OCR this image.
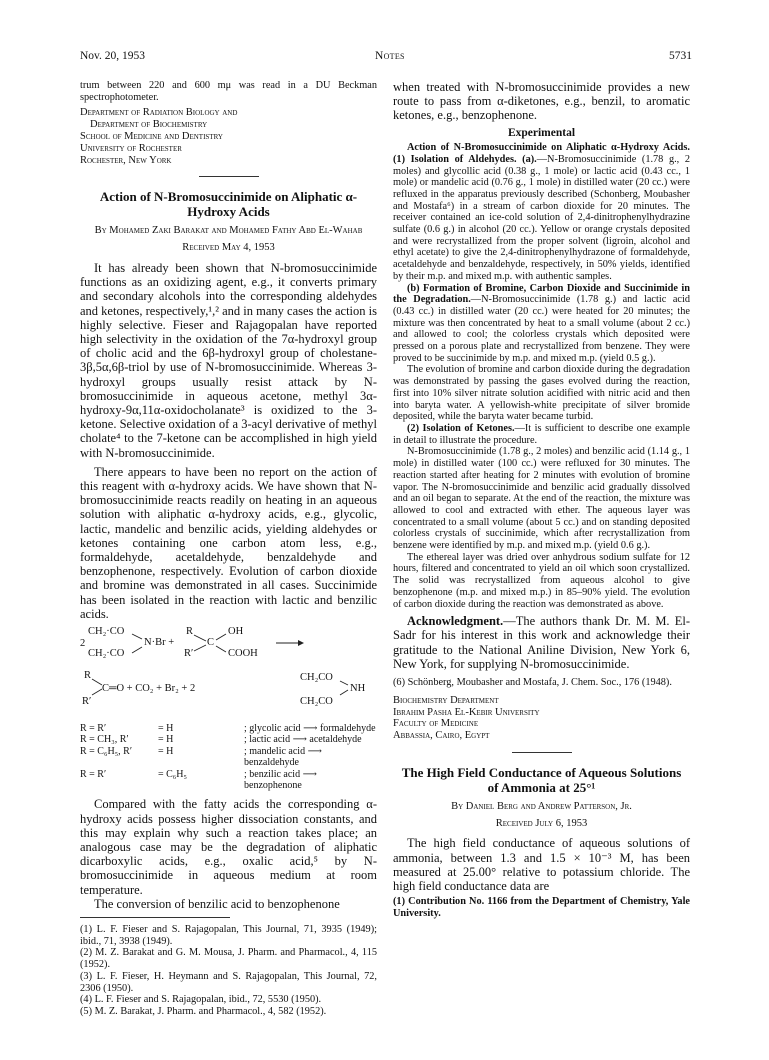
Nov. 20, 1953	Notes	5731

trum between 220 and 600 mμ was read in a DU Beckman spectrophotometer.

Department of Radiation Biology and

Department of Biochemistry

School of Medicine and Dentistry

University of Rochester

Rochester, New York

Action of N-Bromosuccinimide on Aliphatic α-Hydroxy Acids
By Mohamed Zaki Barakat and Mohamed Fathy Abd El-Wahab
Received May 4, 1953

It has already been shown that N-bromosuccinimide functions as an oxidizing agent, e.g., it converts primary and secondary alcohols into the corresponding aldehydes and ketones, respectively,¹,² and in many cases the action is highly selective. Fieser and Rajagopalan have reported high selectivity in the oxidation of the 7α-hydroxyl group of cholic acid and the 6β-hydroxyl group of cholestane-3β,5α,6β-triol by use of N-bromosuccinimide. Whereas 3-hydroxyl groups usually resist attack by N-bromosuccinimide in aqueous acetone, methyl 3α-hydroxy-9α,11α-oxidocholanate³ is oxidized to the 3-ketone. Selective oxidation of a 3-acyl derivative of methyl cholate⁴ to the 7-ketone can be accomplished in high yield with N-bromosuccinimide.

There appears to have been no report on the action of this reagent with α-hydroxy acids. We have shown that N-bromosuccinimide reacts readily on heating in an aqueous solution with aliphatic α-hydroxy acids, e.g., glycolic, lactic, mandelic and benzilic acids, yielding aldehydes or ketones containing one carbon atom less, e.g., formaldehyde, acetaldehyde, benzaldehyde and benzophenone, respectively. Evolution of carbon dioxide and bromine was demonstrated in all cases. Succinimide has been isolated in the reaction with lactic and benzilic acids.

2
CH₂·CO
CH₂·CO
N·Br +
R
R′
C
OH
COOH
R
R′
C═O + CO₂ + Br₂ + 2
CH₂CO
CH₂CO
NH
R = R′	= H	; glycolic acid ⟶ formaldehyde
R = CH₃, R′	= H	; lactic acid ⟶ acetaldehyde
R = C₆H₅, R′	= H	; mandelic acid ⟶ benzaldehyde
R = R′	= C₆H₅	; benzilic acid ⟶ benzophenone

Compared with the fatty acids the corresponding α-hydroxy acids possess higher dissociation constants, and this may explain why such a reaction takes place; an analogous case may be the degradation of aliphatic dicarboxylic acids, e.g., oxalic acid,⁵ by N-bromosuccinimide in aqueous medium at room temperature.

The conversion of benzilic acid to benzophenone

(1) L. F. Fieser and S. Rajagopalan, This Journal, 71, 3935 (1949); ibid., 71, 3938 (1949).

(2) M. Z. Barakat and G. M. Mousa, J. Pharm. and Pharmacol., 4, 115 (1952).

(3) L. F. Fieser, H. Heymann and S. Rajagopalan, This Journal, 72, 2306 (1950).

(4) L. F. Fieser and S. Rajagopalan, ibid., 72, 5530 (1950).

(5) M. Z. Barakat, J. Pharm. and Pharmacol., 4, 582 (1952).

when treated with N-bromosuccinimide provides a new route to pass from α-diketones, e.g., benzil, to aromatic ketones, e.g., benzophenone.

Experimental

Action of N-Bromosuccinimide on Aliphatic α-Hydroxy Acids. (1) Isolation of Aldehydes. (a).—N-Bromosuccinimide (1.78 g., 2 moles) and glycollic acid (0.38 g., 1 mole) or lactic acid (0.43 cc., 1 mole) or mandelic acid (0.76 g., 1 mole) in distilled water (20 cc.) were refluxed in the apparatus previously described (Schonberg, Moubasher and Mostafa⁶) in a stream of carbon dioxide for 20 minutes. The receiver contained an ice-cold solution of 2,4-dinitrophenylhydrazine sulfate (0.6 g.) in alcohol (20 cc.). Yellow or orange crystals deposited and were recrystallized from the proper solvent (ligroin, alcohol and ethyl acetate) to give the 2,4-dinitrophenylhydrazone of formaldehyde, acetaldehyde and benzaldehyde, respectively, in 50% yields, identified by their m.p. and mixed m.p. with authentic samples.

(b) Formation of Bromine, Carbon Dioxide and Succinimide in the Degradation.—N-Bromosuccinimide (1.78 g.) and lactic acid (0.43 cc.) in distilled water (20 cc.) were heated for 20 minutes; the mixture was then concentrated by heat to a small volume (about 2 cc.) and allowed to cool; the colorless crystals which deposited were pressed on a porous plate and recrystallized from benzene. They were proved to be succinimide by m.p. and mixed m.p. (yield 0.5 g.).

The evolution of bromine and carbon dioxide during the degradation was demonstrated by passing the gases evolved during the reaction, first into 10% silver nitrate solution acidified with nitric acid and then into baryta water. A yellowish-white precipitate of silver bromide deposited, while the baryta water became turbid.

(2) Isolation of Ketones.—It is sufficient to describe one example in detail to illustrate the procedure.

N-Bromosuccinimide (1.78 g., 2 moles) and benzilic acid (1.14 g., 1 mole) in distilled water (100 cc.) were refluxed for 30 minutes. The reaction started after heating for 2 minutes with evolution of bromine vapor. The N-bromosuccinimide and benzilic acid gradually dissolved and an oil began to separate. At the end of the reaction, the mixture was allowed to cool and extracted with ether. The aqueous layer was concentrated to a small volume (about 5 cc.) and on standing deposited colorless crystals of succinimide, which after recrystallization from benzene were identified by m.p. and mixed m.p. (yield 0.6 g.).

The ethereal layer was dried over anhydrous sodium sulfate for 12 hours, filtered and concentrated to yield an oil which soon crystallized. The solid was recrystallized from aqueous alcohol to give benzophenone (m.p. and mixed m.p.) in 85–90% yield. The evolution of carbon dioxide during the reaction was demonstrated as above.

Acknowledgment.—The authors thank Dr. M. M. El-Sadr for his interest in this work and acknowledge their gratitude to the National Aniline Division, New York 6, New York, for supplying N-bromosuccinimide.

(6) Schönberg, Moubasher and Mostafa, J. Chem. Soc., 176 (1948).

Biochemistry Department

Ibrahim Pasha El-Kebir University

Faculty of Medicine

Abbassia, Cairo, Egypt

The High Field Conductance of Aqueous Solutions of Ammonia at 25°¹
By Daniel Berg and Andrew Patterson, Jr.
Received July 6, 1953

The high field conductance of aqueous solutions of ammonia, between 1.3 and 1.5 × 10⁻³ M, has been measured at 25.00° relative to potassium chloride. The high field conductance data are

(1) Contribution No. 1166 from the Department of Chemistry, Yale University.
